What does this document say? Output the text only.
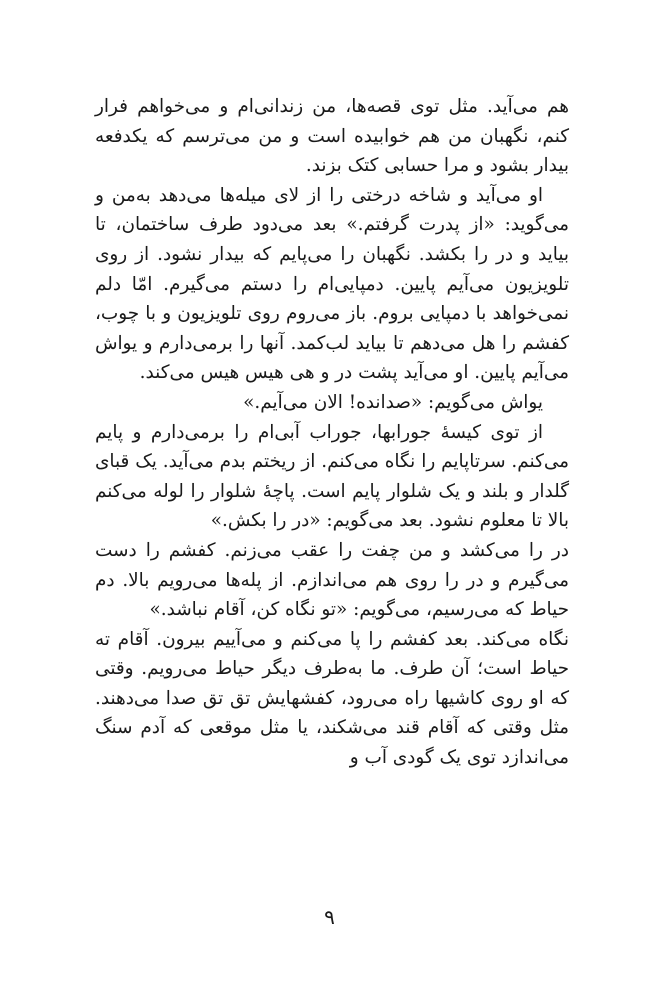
هم می‌آید. مثل توی قصه‌ها، من زندانی‌ام و می‌خواهم فرار کنم، نگهبان من هم خوابیده است و من می‌ترسم که یکدفعه بیدار بشود و مرا حسابی کتک بزند.

او می‌آید و شاخه درختی را از لای میله‌ها می‌دهد به‌من و می‌گوید: «از پدرت گرفتم.» بعد می‌دود طرف ساختمان، تا بیاید و در را بکشد. نگهبان را می‌پایم که بیدار نشود. از روی تلویزیون می‌آیم پایین. دمپایی‌ام را دستم می‌گیرم. امّا دلم نمی‌خواهد با دمپایی بروم. باز می‌روم روی تلویزیون و با چوب، کفشم را هل می‌دهم تا بیاید لب‌کمد. آنها را برمی‌دارم و یواش می‌آیم پایین. او می‌آید پشت در و هی هیس هیس می‌کند.

یواش می‌گویم: «صدانده! الان می‌آیم.»

از توی کیسهٔ جورابها، جوراب آبی‌ام را برمی‌دارم و پایم می‌کنم. سرتاپایم را نگاه می‌کنم. از ریختم بدم می‌آید. یک قبای گلدار و بلند و یک شلوار پایم است. پاچهٔ شلوار را لوله می‌کنم بالا تا معلوم نشود. بعد می‌گویم: «در را بکش.»

در را می‌کشد و من چفت را عقب می‌زنم. کفشم را دست می‌گیرم و در را روی هم می‌اندازم. از پله‌ها می‌رویم بالا. دم حیاط که می‌رسیم، می‌گویم: «تو نگاه کن، آقام نباشد.»

نگاه می‌کند. بعد کفشم را پا می‌کنم و می‌آییم بیرون. آقام ته حیاط است؛ آن طرف. ما به‌طرف دیگر حیاط می‌رویم. وقتی که او روی کاشیها راه می‌رود، کفشهایش تق تق صدا می‌دهند. مثل وقتی که آقام قند می‌شکند، یا مثل موقعی که آدم سنگ می‌اندازد توی یک گودی آب و

۹
